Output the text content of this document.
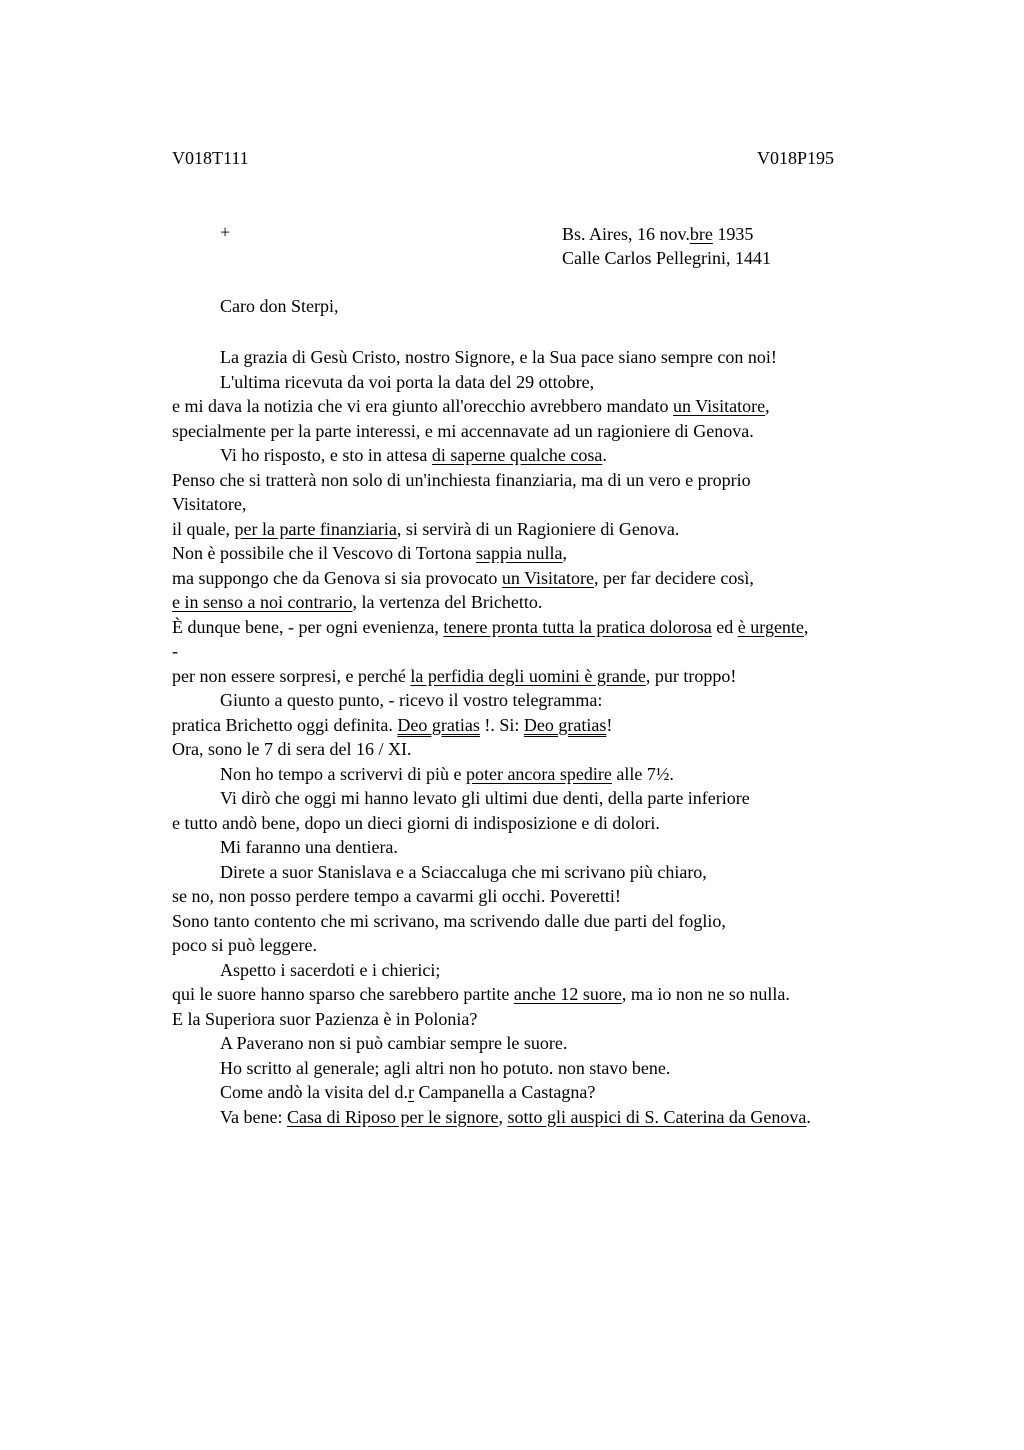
V018T111	V018P195
+	Bs. Aires, 16 nov.bre 1935
Calle Carlos Pellegrini, 1441
Caro don Sterpi,
La grazia di Gesù Cristo, nostro Signore, e la Sua pace siano sempre con noi!
L'ultima ricevuta da voi porta la data del 29 ottobre,
e mi dava la notizia che vi era giunto all'orecchio avrebbero mandato un Visitatore,
specialmente per la parte interessi, e mi accennavate ad un ragioniere di Genova.
Vi ho risposto, e sto in attesa di saperne qualche cosa.
Penso che si tratterà non solo di un'inchiesta finanziaria, ma di un vero e proprio
Visitatore,
il quale, per la parte finanziaria, si servirà di un Ragioniere di Genova.
Non è possibile che il Vescovo di Tortona sappia nulla,
ma suppongo che da Genova si sia provocato un Visitatore, per far decidere così,
e in senso a noi contrario, la vertenza del Brichetto.
È dunque bene, - per ogni evenienza, tenere pronta tutta la pratica dolorosa ed è urgente,
-
per non essere sorpresi, e perché la perfidia degli uomini è grande, pur troppo!
Giunto a questo punto, - ricevo il vostro telegramma:
pratica Brichetto oggi definita. Deo gratias !. Si: Deo gratias!
Ora, sono le 7 di sera del 16 / XI.
Non ho tempo a scrivervi di più e poter ancora spedire alle 7½.
Vi dirò che oggi mi hanno levato gli ultimi due denti, della parte inferiore
e tutto andò bene, dopo un dieci giorni di indisposizione e di dolori.
Mi faranno una dentiera.
Direte a suor Stanislava e a Sciaccaluga che mi scrivano più chiaro,
se no, non posso perdere tempo a cavarmi gli occhi. Poveretti!
Sono tanto contento che mi scrivano, ma scrivendo dalle due parti del foglio,
poco si può leggere.
Aspetto i sacerdoti e i chierici;
qui le suore hanno sparso che sarebbero partite anche 12 suore, ma io non ne so nulla.
E la Superiora suor Pazienza è in Polonia?
A Paverano non si può cambiar sempre le suore.
Ho scritto al generale; agli altri non ho potuto. non stavo bene.
Come andò la visita del d.r Campanella a Castagna?
Va bene: Casa di Riposo per le signore, sotto gli auspici di S. Caterina da Genova.
